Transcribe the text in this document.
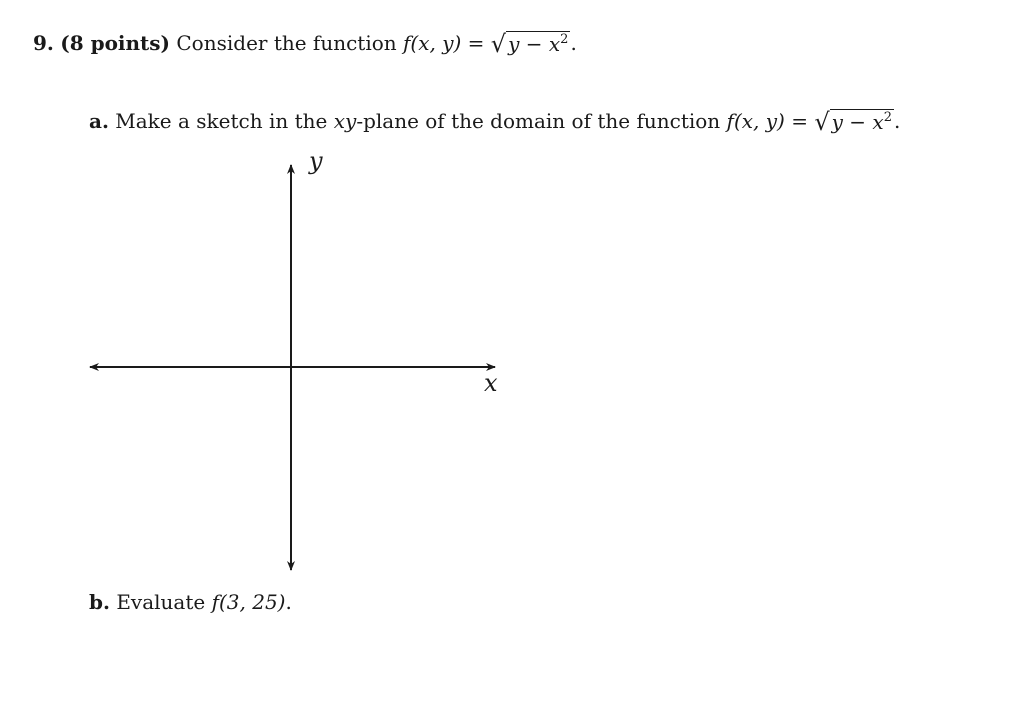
9. (8 points) Consider the function f(x, y) = √ $y - x^2$ .
a. Make a sketch in the xy-plane of the domain of the function f(x, y) = √ $y - x^2$ .
y
x
b. Evaluate f(3, 25).
